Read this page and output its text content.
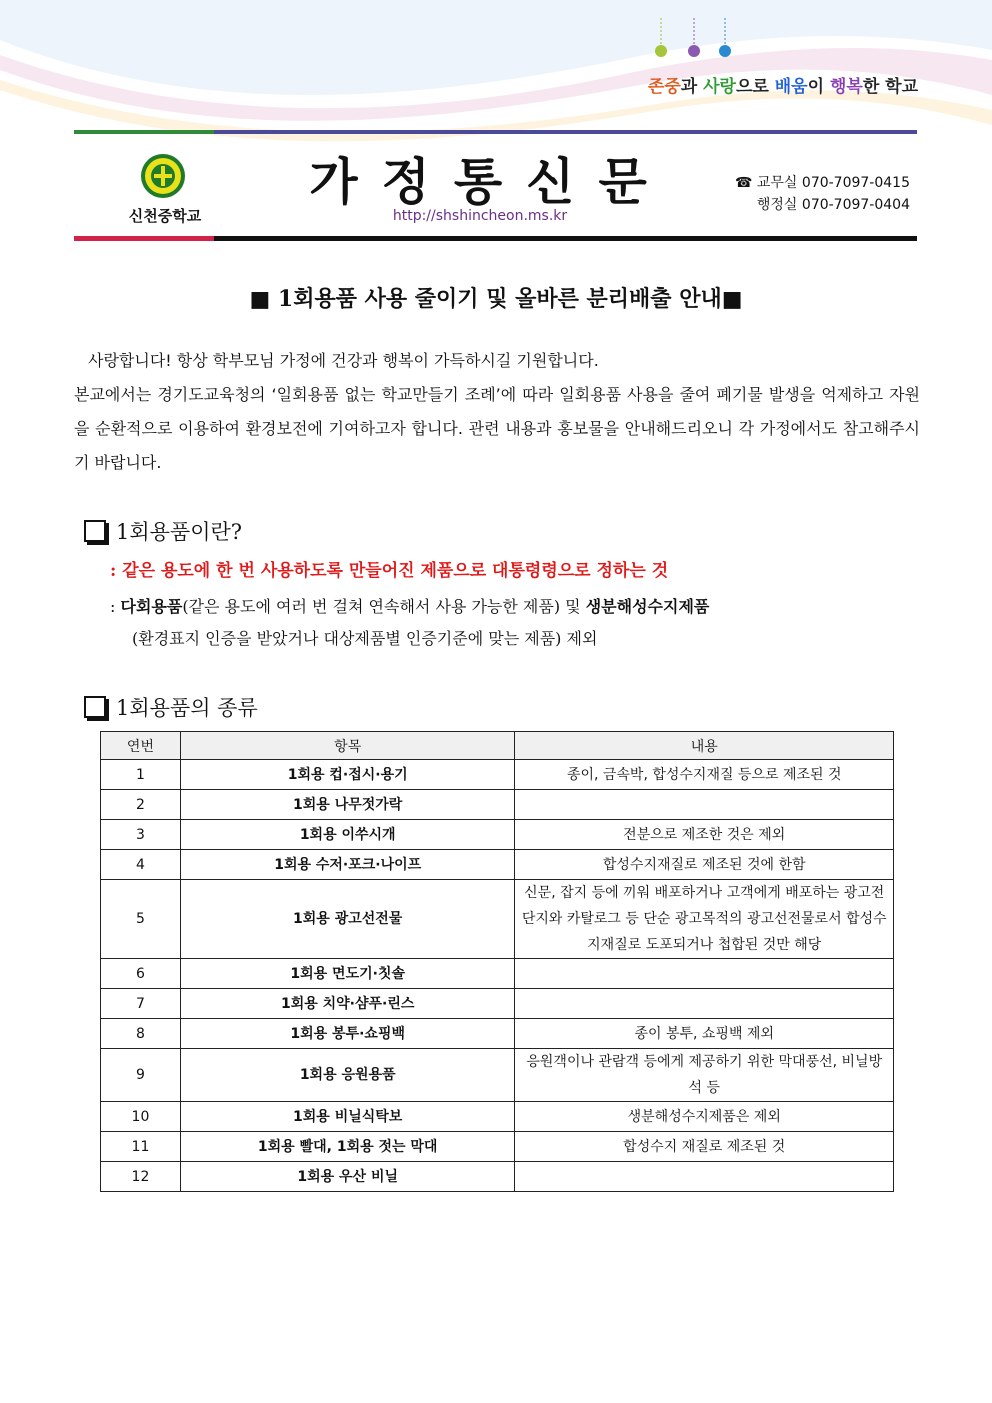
존중과 사랑으로 배움이 행복한 학교
신천중학교
가정통신문
http://shshincheon.ms.kr
☎ 교무실 070-7097-0415
행정실 070-7097-0404
■ 1회용품 사용 줄이기 및 올바른 분리배출 안내■

사랑합니다! 항상 학부모님 가정에 건강과 행복이 가득하시길 기원합니다.

본교에서는 경기도교육청의 ‘일회용품 없는 학교만들기 조례’에 따라 일회용품 사용을 줄여 폐기물 발생을 억제하고 자원을 순환적으로 이용하여 환경보전에 기여하고자 합니다. 관련 내용과 홍보물을 안내해드리오니 각 가정에서도 참고해주시기 바랍니다.

1회용품이란?
: 같은 용도에 한 번 사용하도록 만들어진 제품으로 대통령령으로 정하는 것
: 다회용품(같은 용도에 여러 번 걸쳐 연속해서 사용 가능한 제품) 및 생분해성수지제품
(환경표지 인증을 받았거나 대상제품별 인증기준에 맞는 제품) 제외
1회용품의 종류
연번	항목	내용
1	1회용 컵·접시·용기	종이, 금속박, 합성수지재질 등으로 제조된 것
2	1회용 나무젓가락	
3	1회용 이쑤시개	전분으로 제조한 것은 제외
4	1회용 수저·포크·나이프	합성수지재질로 제조된 것에 한함
5	1회용 광고선전물	신문, 잡지 등에 끼워 배포하거나 고객에게 배포하는 광고전단지와 카탈로그 등 단순 광고목적의 광고선전물로서 합성수지재질로 도포되거나 첩합된 것만 해당
6	1회용 면도기·칫솔	
7	1회용 치약·샴푸·린스	
8	1회용 봉투·쇼핑백	종이 봉투, 쇼핑백 제외
9	1회용 응원용품	응원객이나 관람객 등에게 제공하기 위한 막대풍선, 비닐방석 등
10	1회용 비닐식탁보	생분해성수지제품은 제외
11	1회용 빨대, 1회용 젓는 막대	합성수지 재질로 제조된 것
12	1회용 우산 비닐	
